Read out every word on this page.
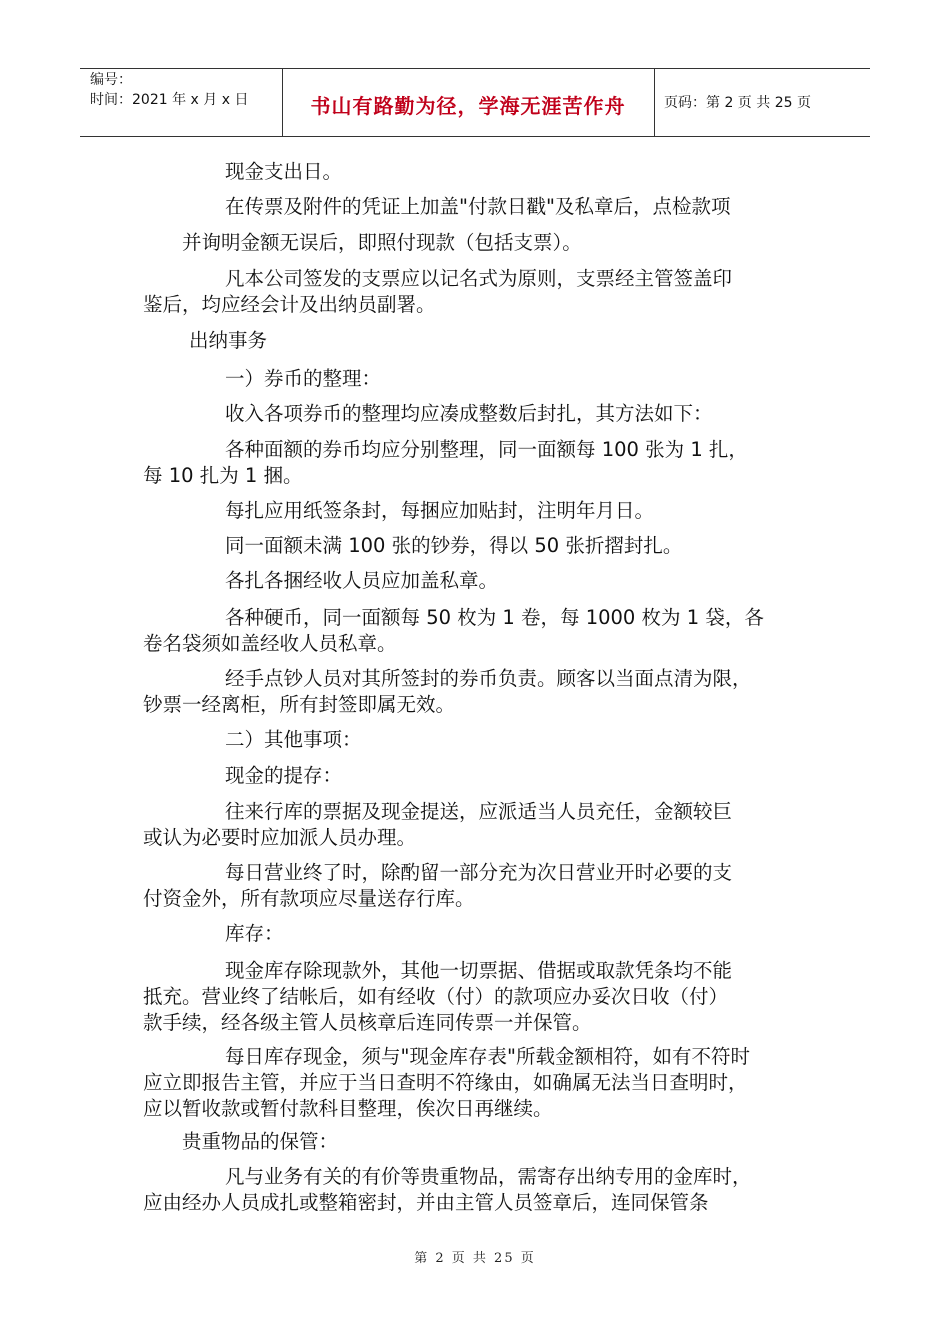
编号：
时间：2021 年 x 月 x 日	书山有路勤为径，学海无涯苦作舟	页码：第 2 页 共 25 页

现金支出日。

在传票及附件的凭证上加盖"付款日戳"及私章后，点检款项

并询明金额无误后，即照付现款（包括支票）。

凡本公司签发的支票应以记名式为原则，支票经主管签盖印
鉴后，均应经会计及出纳员副署。

出纳事务

一）券币的整理：

收入各项券币的整理均应凑成整数后封扎，其方法如下：

各种面额的券币均应分别整理，同一面额每 100 张为 1 扎，
每 10 扎为 1 捆。

每扎应用纸签条封，每捆应加贴封，注明年月日。

同一面额未满 100 张的钞券，得以 50 张折摺封扎。

各扎各捆经收人员应加盖私章。

各种硬币，同一面额每 50 枚为 1 卷，每 1000 枚为 1 袋，各
卷名袋须如盖经收人员私章。

经手点钞人员对其所签封的券币负责。顾客以当面点清为限，
钞票一经离柜，所有封签即属无效。

二）其他事项：

现金的提存：

往来行库的票据及现金提送，应派适当人员充任，金额较巨
或认为必要时应加派人员办理。

每日营业终了时，除酌留一部分充为次日营业开时必要的支
付资金外，所有款项应尽量送存行库。

库存：

现金库存除现款外，其他一切票据、借据或取款凭条均不能
抵充。营业终了结帐后，如有经收（付）的款项应办妥次日收（付）
款手续，经各级主管人员核章后连同传票一并保管。

每日库存现金，须与"现金库存表"所载金额相符，如有不符时
应立即报告主管，并应于当日查明不符缘由，如确属无法当日查明时，
应以暂收款或暂付款科目整理，俟次日再继续。

贵重物品的保管：

凡与业务有关的有价等贵重物品，需寄存出纳专用的金库时，
应由经办人员成扎或整箱密封，并由主管人员签章后，连同保管条

第 2 页 共 25 页
